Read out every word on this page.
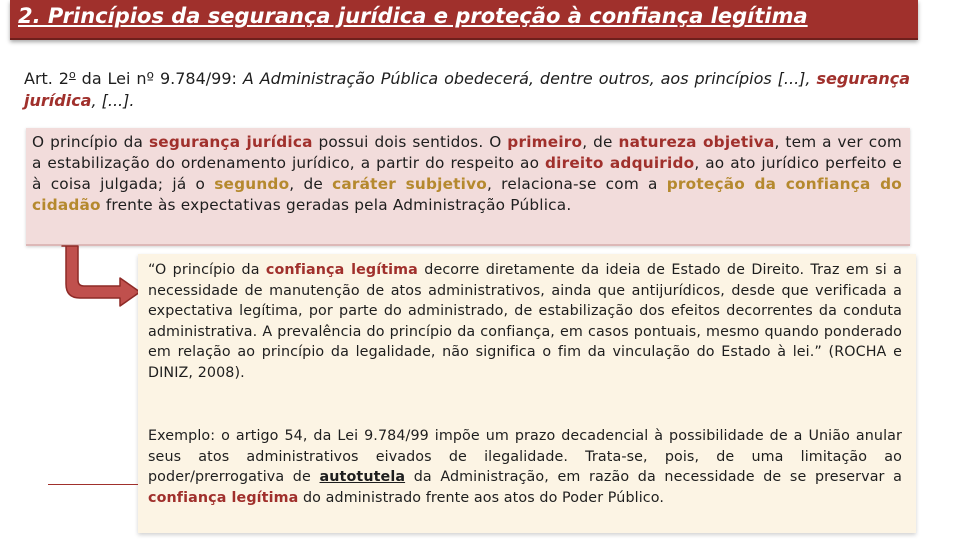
2. Princípios da segurança jurídica e proteção à confiança legítima
Art. 2$^o$ da Lei nº 9.784/99: A Administração Pública obedecerá, dentre outros, aos princípios [...], segurança jurídica, [...].

O princípio da segurança jurídica possui dois sentidos. O primeiro, de natureza objetiva, tem a ver com a estabilização do ordenamento jurídico, a partir do respeito ao direito adquirido, ao ato jurídico perfeito e à coisa julgada; já o segundo, de caráter subjetivo, relaciona-se com a proteção da confiança do cidadão frente às expectativas geradas pela Administração Pública.

“O princípio da confiança legítima decorre diretamente da ideia de Estado de Direito. Traz em si a necessidade de manutenção de atos administrativos, ainda que antijurídicos, desde que verificada a expectativa legítima, por parte do administrado, de estabilização dos efeitos decorrentes da conduta administrativa. A prevalência do princípio da confiança, em casos pontuais, mesmo quando ponderado em relação ao princípio da legalidade, não significa o fim da vinculação do Estado à lei.” (ROCHA e DINIZ, 2008).

Exemplo: o artigo 54, da Lei 9.784/99 impõe um prazo decadencial à possibilidade de a União anular seus atos administrativos eivados de ilegalidade. Trata-se, pois, de uma limitação ao poder/prerrogativa de autotutela da Administração, em razão da necessidade de se preservar a confiança legítima do administrado frente aos atos do Poder Público.
